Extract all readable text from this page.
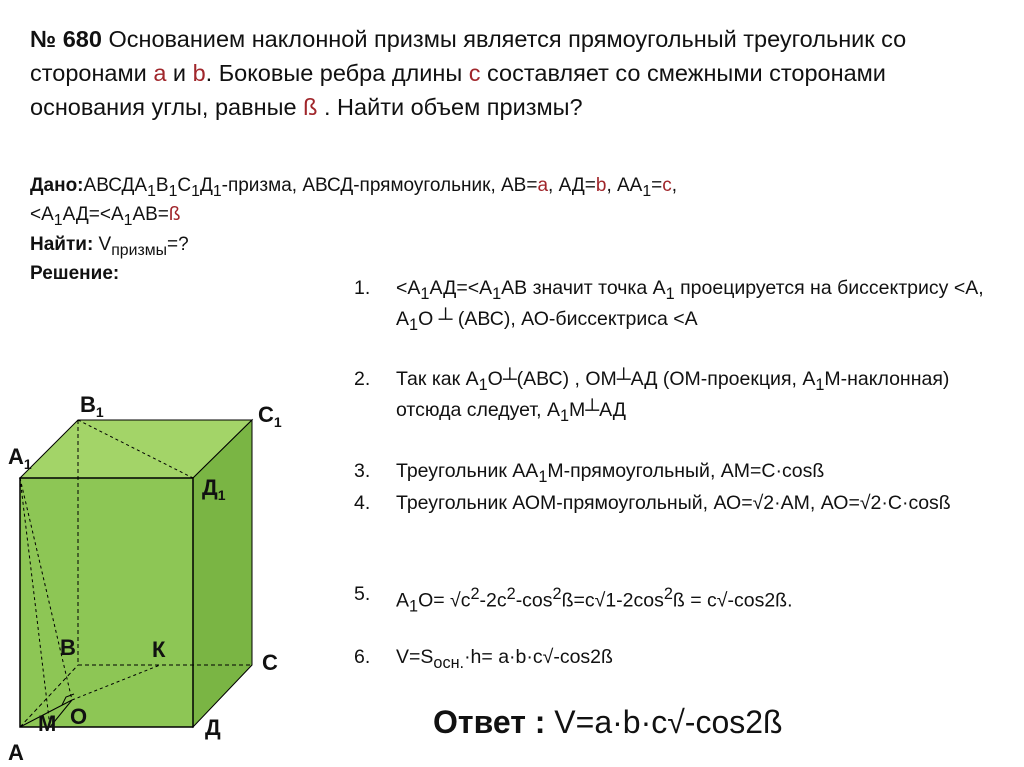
№ 680 Основанием наклонной призмы является прямоугольный треугольник со сторонами a и b. Боковые ребра длины c составляет со смежными сторонами основания углы, равные ß . Найти объем призмы?

$Дано:АВСДА_1В_1С_1Д_1$-призма, АВСД-прямоугольник, АВ=a, АД=b, $АА_1=c$,
$<А_1АД=<А_1АВ=ß$
Найти: $V_{призмы}=$?
Решение:
1. $<А_1АД=<А_1АВ$ значит точка $А_1$ проецируется на биссектрису <А, $А_1О$ ┴ (АВС), АО-биссектриса <А
2. Так как $А_1О┴(АВС)$ , ОМ┴АД (ОМ-проекция, $А_1М-наклонная$) отсюда следует, $А_1М┴АД$
3. Треугольник $АА_1М$-прямоугольный, АМ=С·cosß
4. Треугольник АОМ-прямоугольный, АО=√2·АМ, АО=√2·С·cosß
5. $А_1О=$ $√с^2-2с^2-\cos^2ß=с√1-2\cos^2ß$ = с√-cos2ß.
6. $V=S_{осн.}\cdot h=$ a·b·c√-cos2ß
Ответ : V=a·b·c√-cos2ß
$В_1$	$С_1$
$А_1$
$Д_1$
В	К
С
М О
А
Д
